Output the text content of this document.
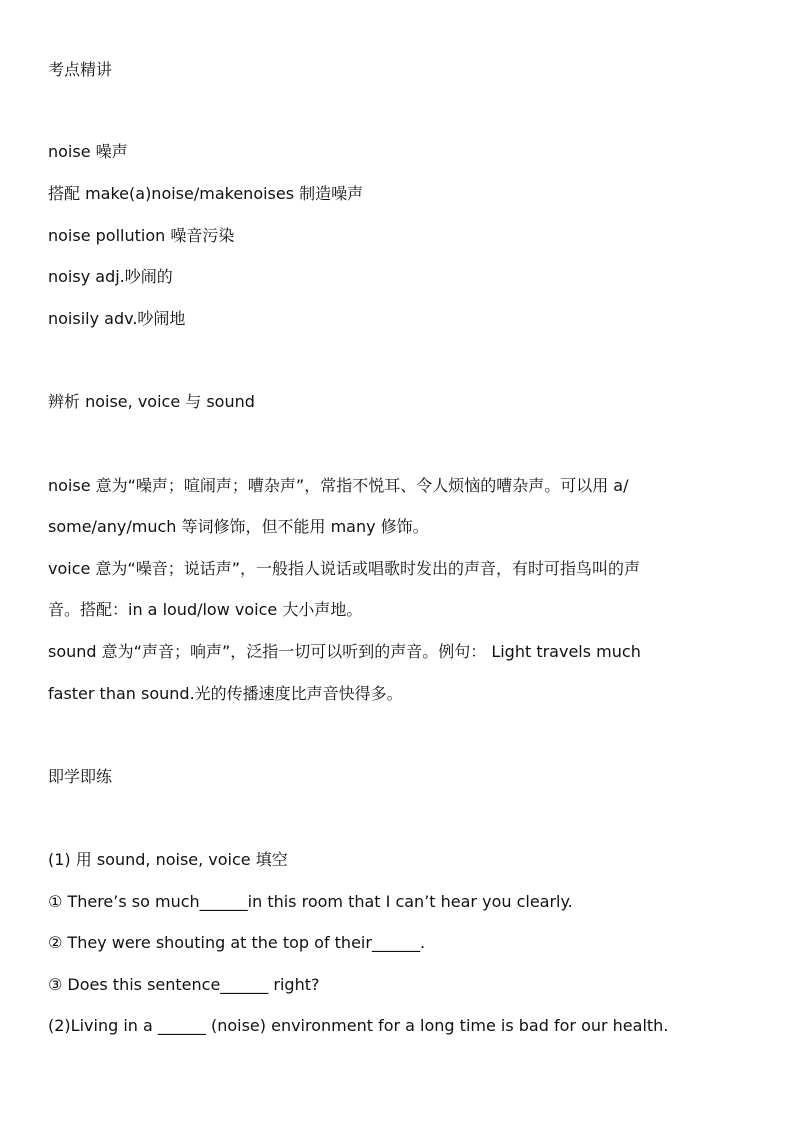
考点精讲
noise 噪声
搭配 make(a)noise/makenoises 制造噪声
noise pollution 噪音污染
noisy adj.吵闹的
noisily adv.吵闹地
辨析 noise, voice 与 sound
noise 意为“噪声；喧闹声；嘈杂声”，常指不悦耳、令人烦恼的嘈杂声。可以用 a/
some/any/much 等词修饰，但不能用 many 修饰。
voice 意为“噪音；说话声”，一般指人说话或唱歌时发出的声音，有时可指鸟叫的声
音。搭配：in a loud/low voice 大小声地。
sound 意为“声音；响声”，泛指一切可以听到的声音。例句： Light travels much
faster than sound.光的传播速度比声音快得多。
即学即练
(1) 用 sound, noise, voice 填空
① There’s so much______in this room that I can’t hear you clearly.
② They were shouting at the top of their______.
③ Does this sentence______ right?
(2)Living in a ______ (noise) environment for a long time is bad for our health.
